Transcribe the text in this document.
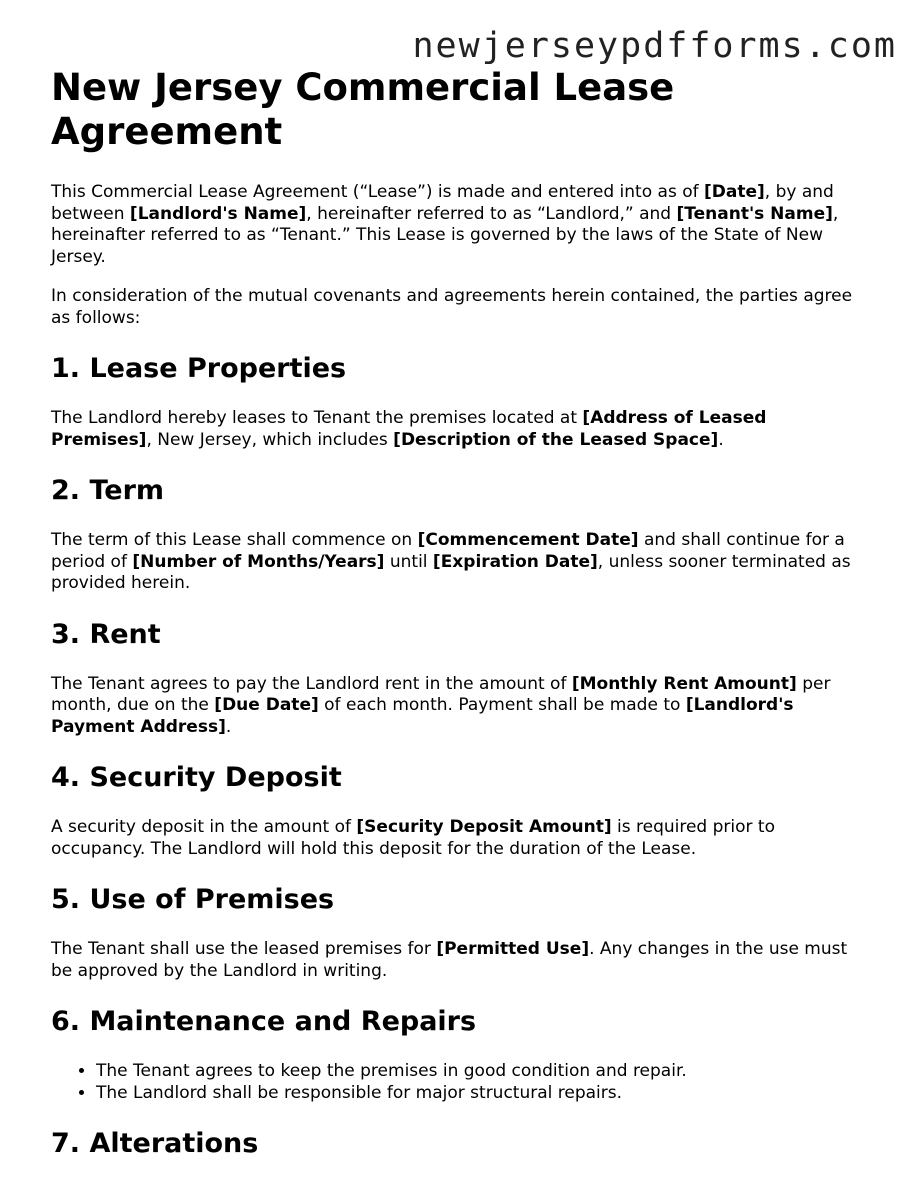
newjerseypdfforms.com
New Jersey Commercial Lease Agreement

This Commercial Lease Agreement (“Lease”) is made and entered into as of [Date], by and between [Landlord's Name], hereinafter referred to as “Landlord,” and [Tenant's Name], hereinafter referred to as “Tenant.” This Lease is governed by the laws of the State of New Jersey.

In consideration of the mutual covenants and agreements herein contained, the parties agree as follows:

1. Lease Properties

The Landlord hereby leases to Tenant the premises located at [Address of Leased Premises], New Jersey, which includes [Description of the Leased Space].

2. Term

The term of this Lease shall commence on [Commencement Date] and shall continue for a period of [Number of Months/Years] until [Expiration Date], unless sooner terminated as provided herein.

3. Rent

The Tenant agrees to pay the Landlord rent in the amount of [Monthly Rent Amount] per month, due on the [Due Date] of each month. Payment shall be made to [Landlord's Payment Address].

4. Security Deposit

A security deposit in the amount of [Security Deposit Amount] is required prior to occupancy. The Landlord will hold this deposit for the duration of the Lease.

5. Use of Premises

The Tenant shall use the leased premises for [Permitted Use]. Any changes in the use must be approved by the Landlord in writing.

6. Maintenance and Repairs
• The Tenant agrees to keep the premises in good condition and repair.
• The Landlord shall be responsible for major structural repairs.
7. Alterations
